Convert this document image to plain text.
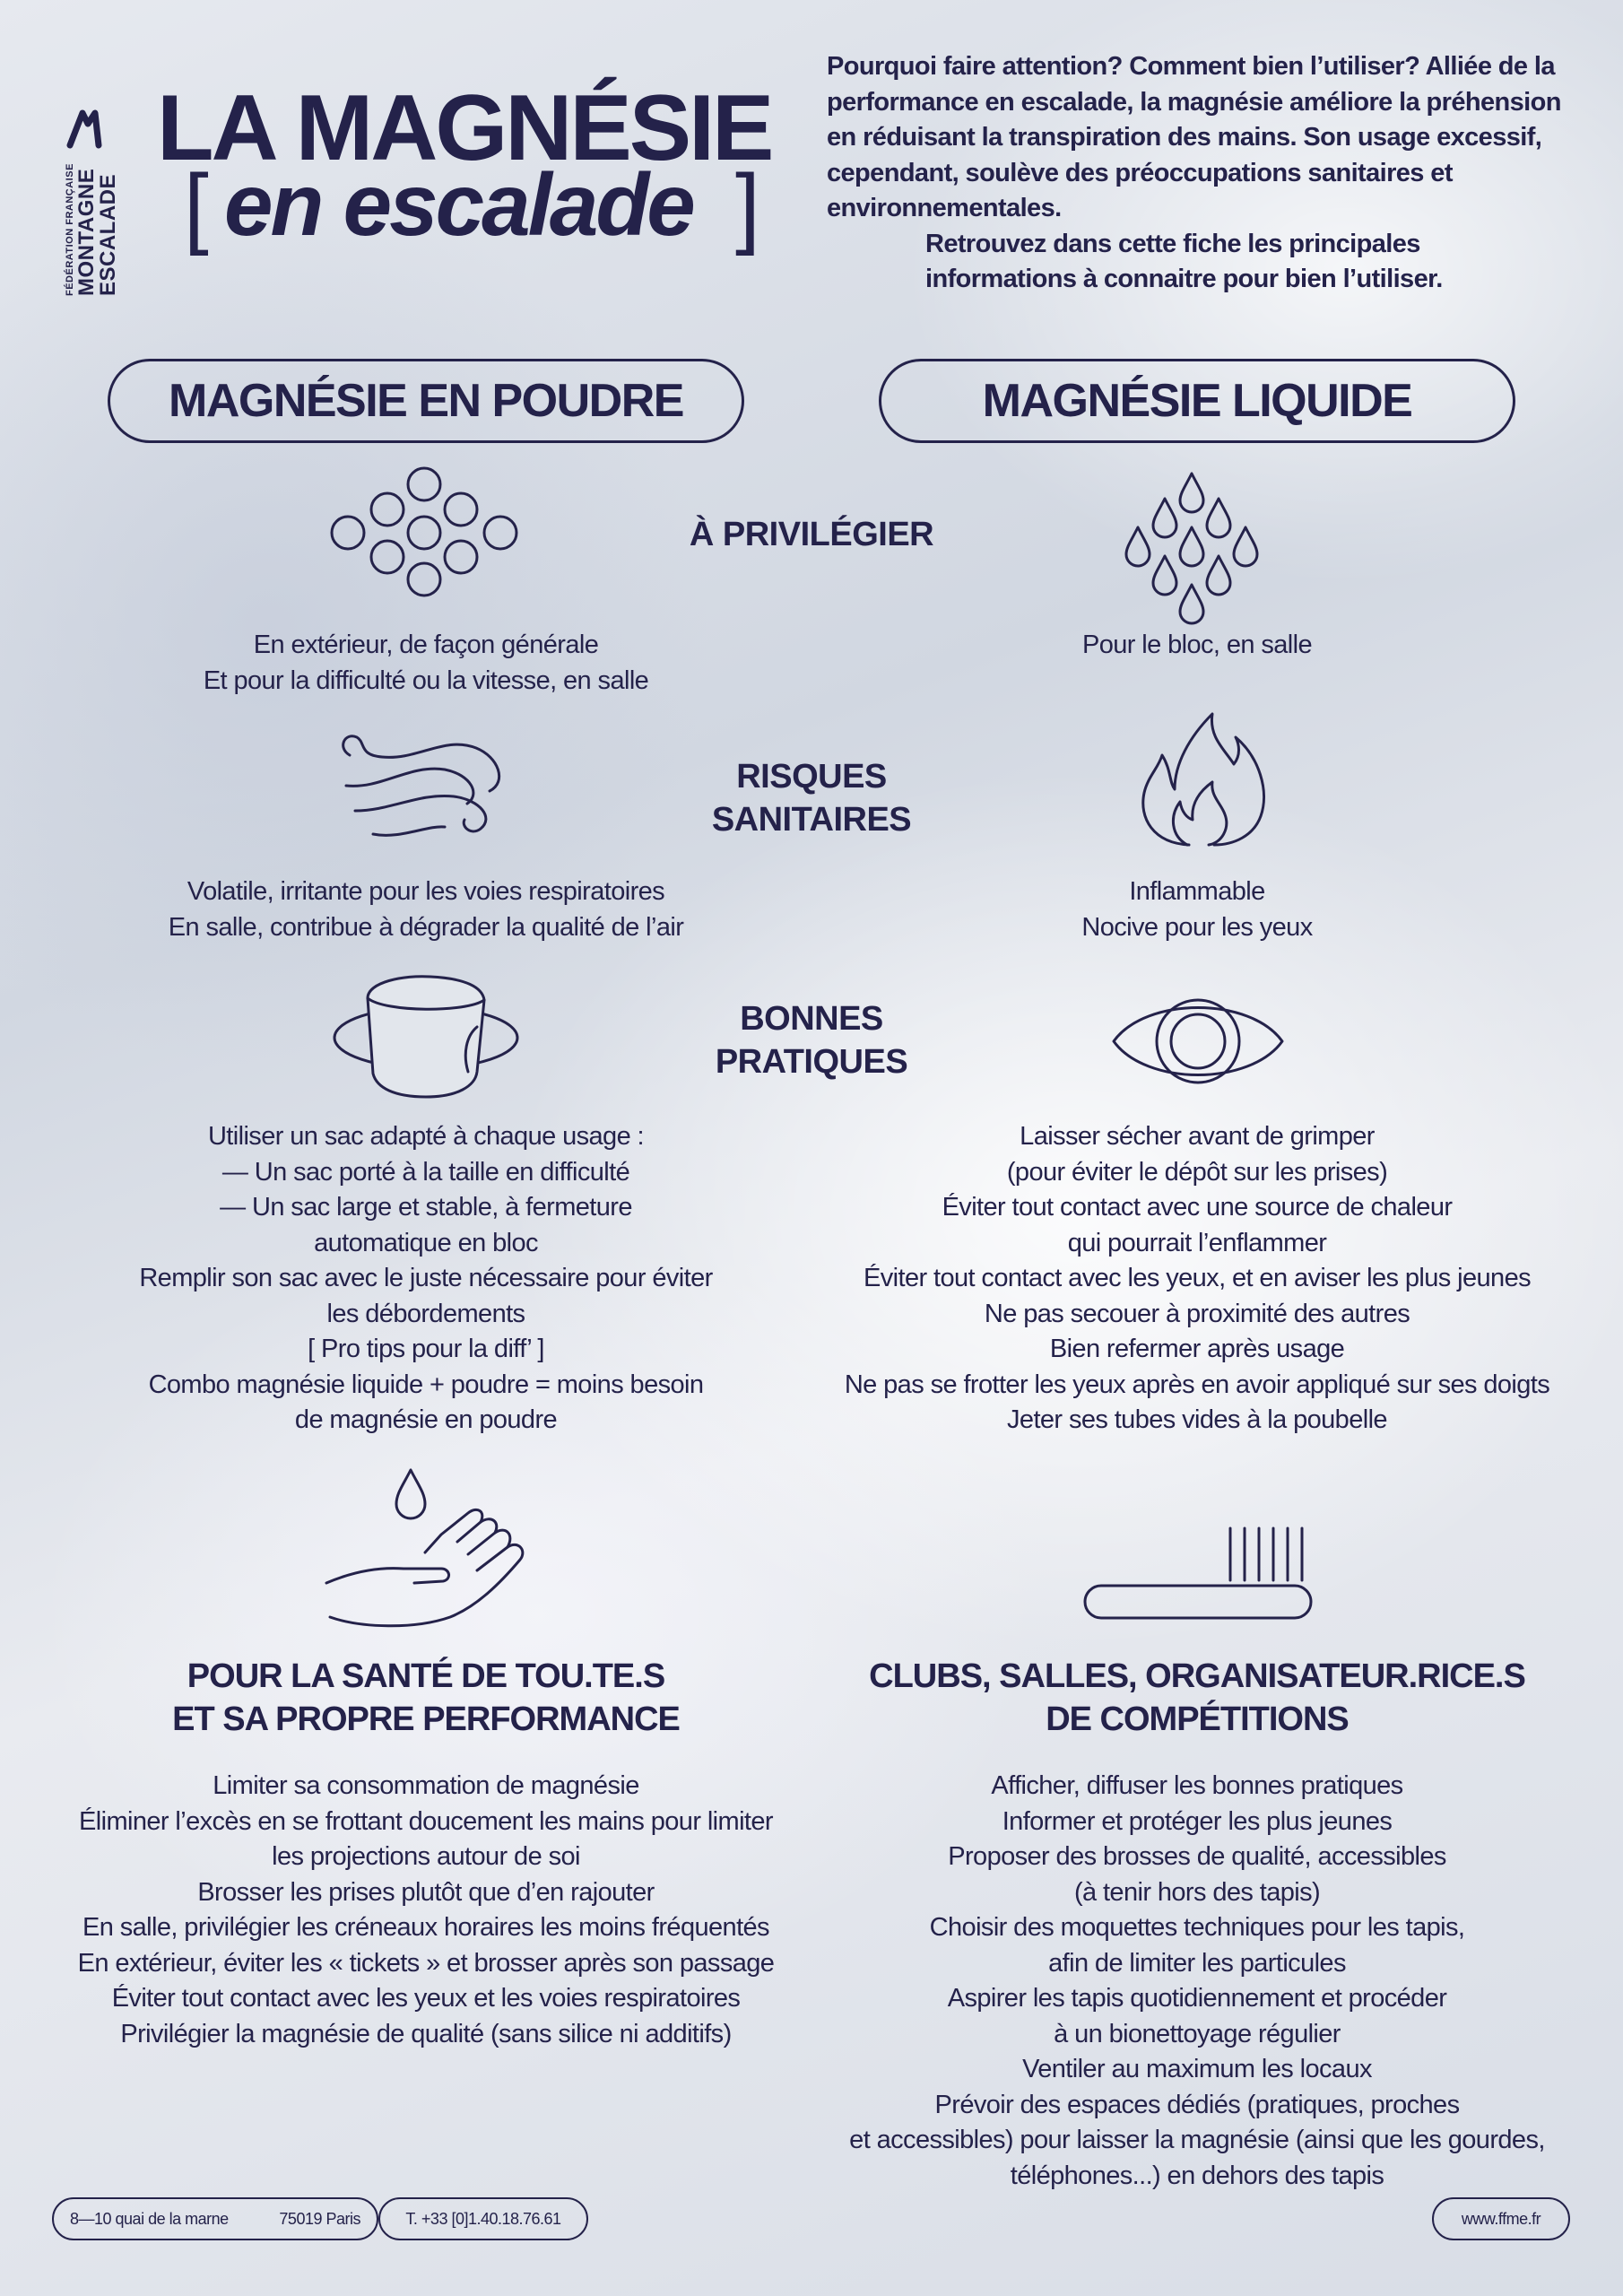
FÉDÉRATION FRANÇAISE MONTAGNE
ESCALADE
LA MAGNÉSIE
[ en escalade ]

Pourquoi faire attention? Comment bien l’utiliser? Alliée de la performance en escalade, la magnésie améliore la préhension en réduisant la transpiration des mains. Son usage excessif, cependant, soulève des préoccupations sanitaires et environnementales.

Retrouvez dans cette fiche les principales informations à connaitre pour bien l’utiliser.

MAGNÉSIE EN POUDRE	MAGNÉSIE LIQUIDE
À PRIVILÉGIER
En extérieur, de façon générale
Et pour la difficulté ou la vitesse, en salle
Pour le bloc, en salle
RISQUES
SANITAIRES
Volatile, irritante pour les voies respiratoires
En salle, contribue à dégrader la qualité de l’air
Inflammable
Nocive pour les yeux
BONNES
PRATIQUES
Utiliser un sac adapté à chaque usage :
— Un sac porté à la taille en difficulté
— Un sac large et stable, à fermeture
automatique en bloc
Remplir son sac avec le juste nécessaire pour éviter
les débordements
[ Pro tips pour la diff’ ]
Combo magnésie liquide + poudre = moins besoin
de magnésie en poudre
Laisser sécher avant de grimper
(pour éviter le dépôt sur les prises)
Éviter tout contact avec une source de chaleur
qui pourrait l’enflammer
Éviter tout contact avec les yeux, et en aviser les plus jeunes
Ne pas secouer à proximité des autres
Bien refermer après usage
Ne pas se frotter les yeux après en avoir appliqué sur ses doigts
Jeter ses tubes vides à la poubelle
POUR LA SANTÉ DE TOU.TE.S
ET SA PROPRE PERFORMANCE
CLUBS, SALLES, ORGANISATEUR.RICE.S
DE COMPÉTITIONS
Limiter sa consommation de magnésie
Éliminer l’excès en se frottant doucement les mains pour limiter
les projections autour de soi
Brosser les prises plutôt que d’en rajouter
En salle, privilégier les créneaux horaires les moins fréquentés
En extérieur, éviter les « tickets » et brosser après son passage
Éviter tout contact avec les yeux et les voies respiratoires
Privilégier la magnésie de qualité (sans silice ni additifs)
Afficher, diffuser les bonnes pratiques
Informer et protéger les plus jeunes
Proposer des brosses de qualité, accessibles
(à tenir hors des tapis)
Choisir des moquettes techniques pour les tapis,
afin de limiter les particules
Aspirer les tapis quotidiennement et procéder
à un bionettoyage régulier
Ventiler au maximum les locaux
Prévoir des espaces dédiés (pratiques, proches
et accessibles) pour laisser la magnésie (ainsi que les gourdes,
téléphones...) en dehors des tapis
8—10 quai de la marne	75019 Paris	T. +33 [0]1.40.18.76.61	www.ffme.fr
